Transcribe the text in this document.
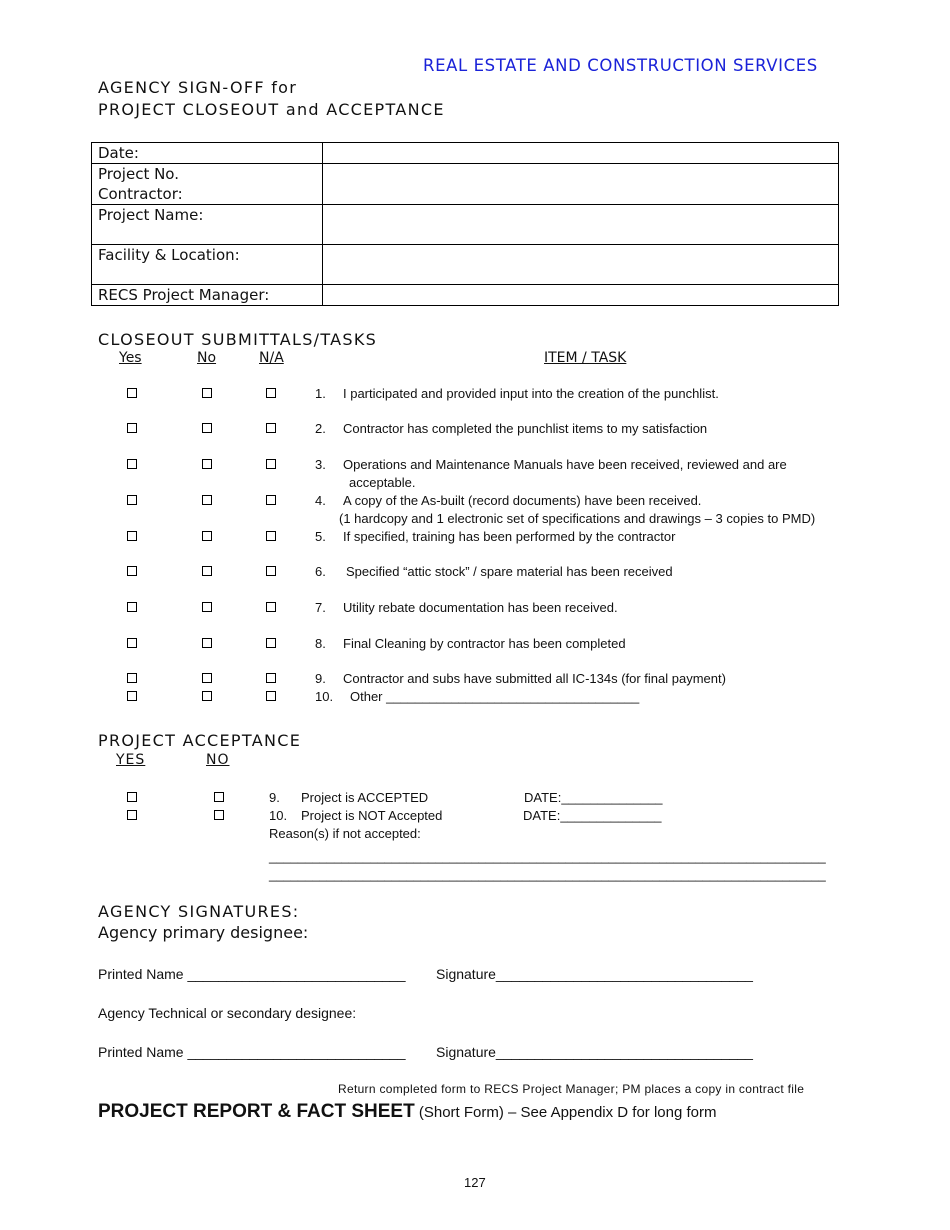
REAL ESTATE AND CONSTRUCTION SERVICES
AGENCY SIGN-OFF for
PROJECT CLOSEOUT and ACCEPTANCE
Date:	

Project No.
Contractor:	

Project Name:	
Facility & Location:	
RECS Project Manager:	
CLOSEOUT SUBMITTALS/TASKS
Yes	No	N/A	ITEM / TASK
1. I participated and provided input into the creation of the punchlist.
2. Contractor has completed the punchlist items to my satisfaction
3. Operations and Maintenance Manuals have been received, reviewed and are
acceptable.
4. A copy of the As-built (record documents) have been received.
(1 hardcopy and 1 electronic set of specifications and drawings – 3 copies to PMD)
5. If specified, training has been performed by the contractor
6. Specified “attic stock” / spare material has been received
7. Utility rebate documentation has been received.
8. Final Cleaning by contractor has been completed
9. Contractor and subs have submitted all IC-134s (for final payment)
10. Other ___________________________________
PROJECT ACCEPTANCE
YES	NO
9. Project is ACCEPTED	DATE:______________
10. Project is NOT Accepted	DATE:______________
Reason(s) if not accepted:
_____________________________________________________________________________
_____________________________________________________________________________
AGENCY SIGNATURES:
Agency primary designee:
Printed Name ____________________________ Signature_________________________________
Agency Technical or secondary designee:
Printed Name ____________________________ Signature_________________________________
Return completed form to RECS Project Manager; PM places a copy in contract file
PROJECT REPORT & FACT SHEET (Short Form) – See Appendix D for long form
127
